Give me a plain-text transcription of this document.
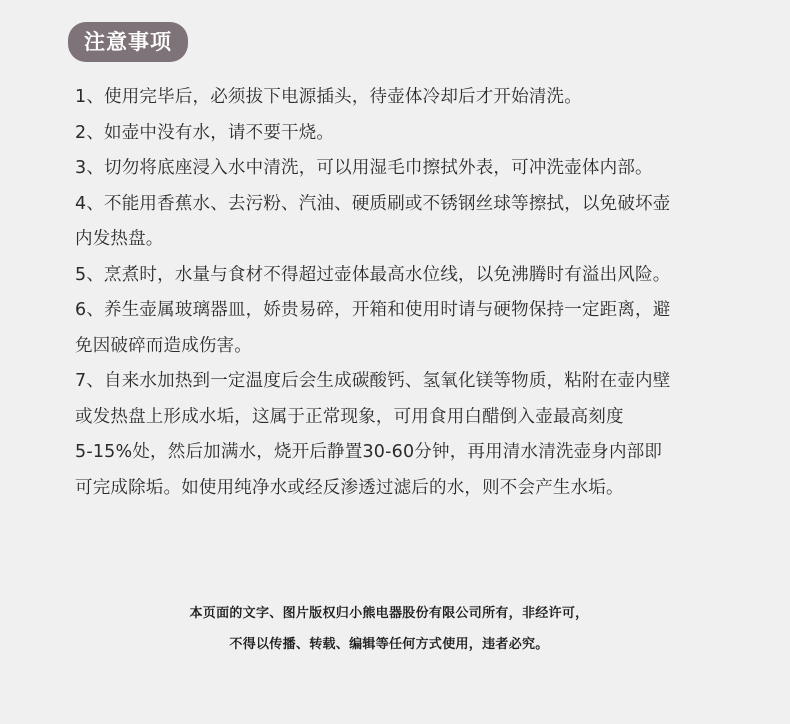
注意事项

1、使用完毕后，必须拔下电源插头，待壶体冷却后才开始清洗。

2、如壶中没有水，请不要干烧。

3、切勿将底座浸入水中清洗，可以用湿毛巾擦拭外表，可冲洗壶体内部。

4、不能用香蕉水、去污粉、汽油、硬质刷或不锈钢丝球等擦拭，以免破坏壶

内发热盘。

5、烹煮时，水量与食材不得超过壶体最高水位线，以免沸腾时有溢出风险。

6、养生壶属玻璃器皿，娇贵易碎，开箱和使用时请与硬物保持一定距离，避

免因破碎而造成伤害。

7、自来水加热到一定温度后会生成碳酸钙、氢氧化镁等物质，粘附在壶内壁

或发热盘上形成水垢，这属于正常现象，可用食用白醋倒入壶最高刻度

5-15%处，然后加满水，烧开后静置30-60分钟，再用清水清洗壶身内部即

可完成除垢。如使用纯净水或经反渗透过滤后的水，则不会产生水垢。

本页面的文字、图片版权归小熊电器股份有限公司所有，非经许可，
不得以传播、转载、编辑等任何方式使用，违者必究。
